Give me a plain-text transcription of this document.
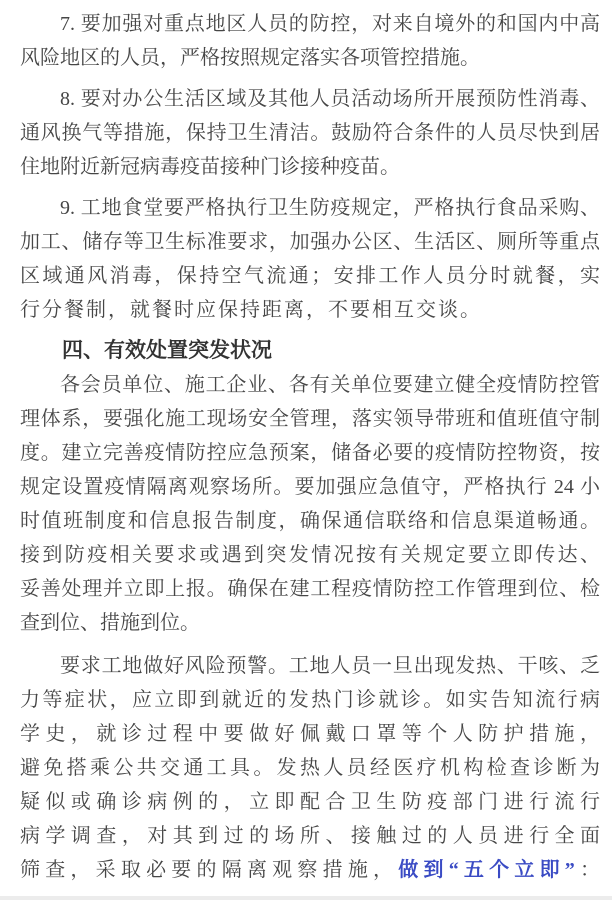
7. 要加强对重点地区人员的防控，对来自境外的和国内中高
风险地区的人员，严格按照规定落实各项管控措施。
8. 要对办公生活区域及其他人员活动场所开展预防性消毒、
通风换气等措施，保持卫生清洁。鼓励符合条件的人员尽快到居
住地附近新冠病毒疫苗接种门诊接种疫苗。
9. 工地食堂要严格执行卫生防疫规定，严格执行食品采购、
加工、储存等卫生标准要求，加强办公区、生活区、厕所等重点
区域通风消毒，保持空气流通；安排工作人员分时就餐，实
行分餐制，就餐时应保持距离，不要相互交谈。
四、有效处置突发状况
各会员单位、施工企业、各有关单位要建立健全疫情防控管
理体系，要强化施工现场安全管理，落实领导带班和值班值守制
度。建立完善疫情防控应急预案，储备必要的疫情防控物资，按
规定设置疫情隔离观察场所。要加强应急值守，严格执行 24 小
时值班制度和信息报告制度，确保通信联络和信息渠道畅通。
接到防疫相关要求或遇到突发情况按有关规定要立即传达、
妥善处理并立即上报。确保在建工程疫情防控工作管理到位、检
查到位、措施到位。
要求工地做好风险预警。工地人员一旦出现发热、干咳、乏
力等症状，应立即到就近的发热门诊就诊。如实告知流行病
学史，就诊过程中要做好佩戴口罩等个人防护措施，
避免搭乘公共交通工具。发热人员经医疗机构检查诊断为
疑似或确诊病例的，立即配合卫生防疫部门进行流行
病学调查，对其到过的场所、接触过的人员进行全面
筛查，采取必要的隔离观察措施，做到“五个立即”：
